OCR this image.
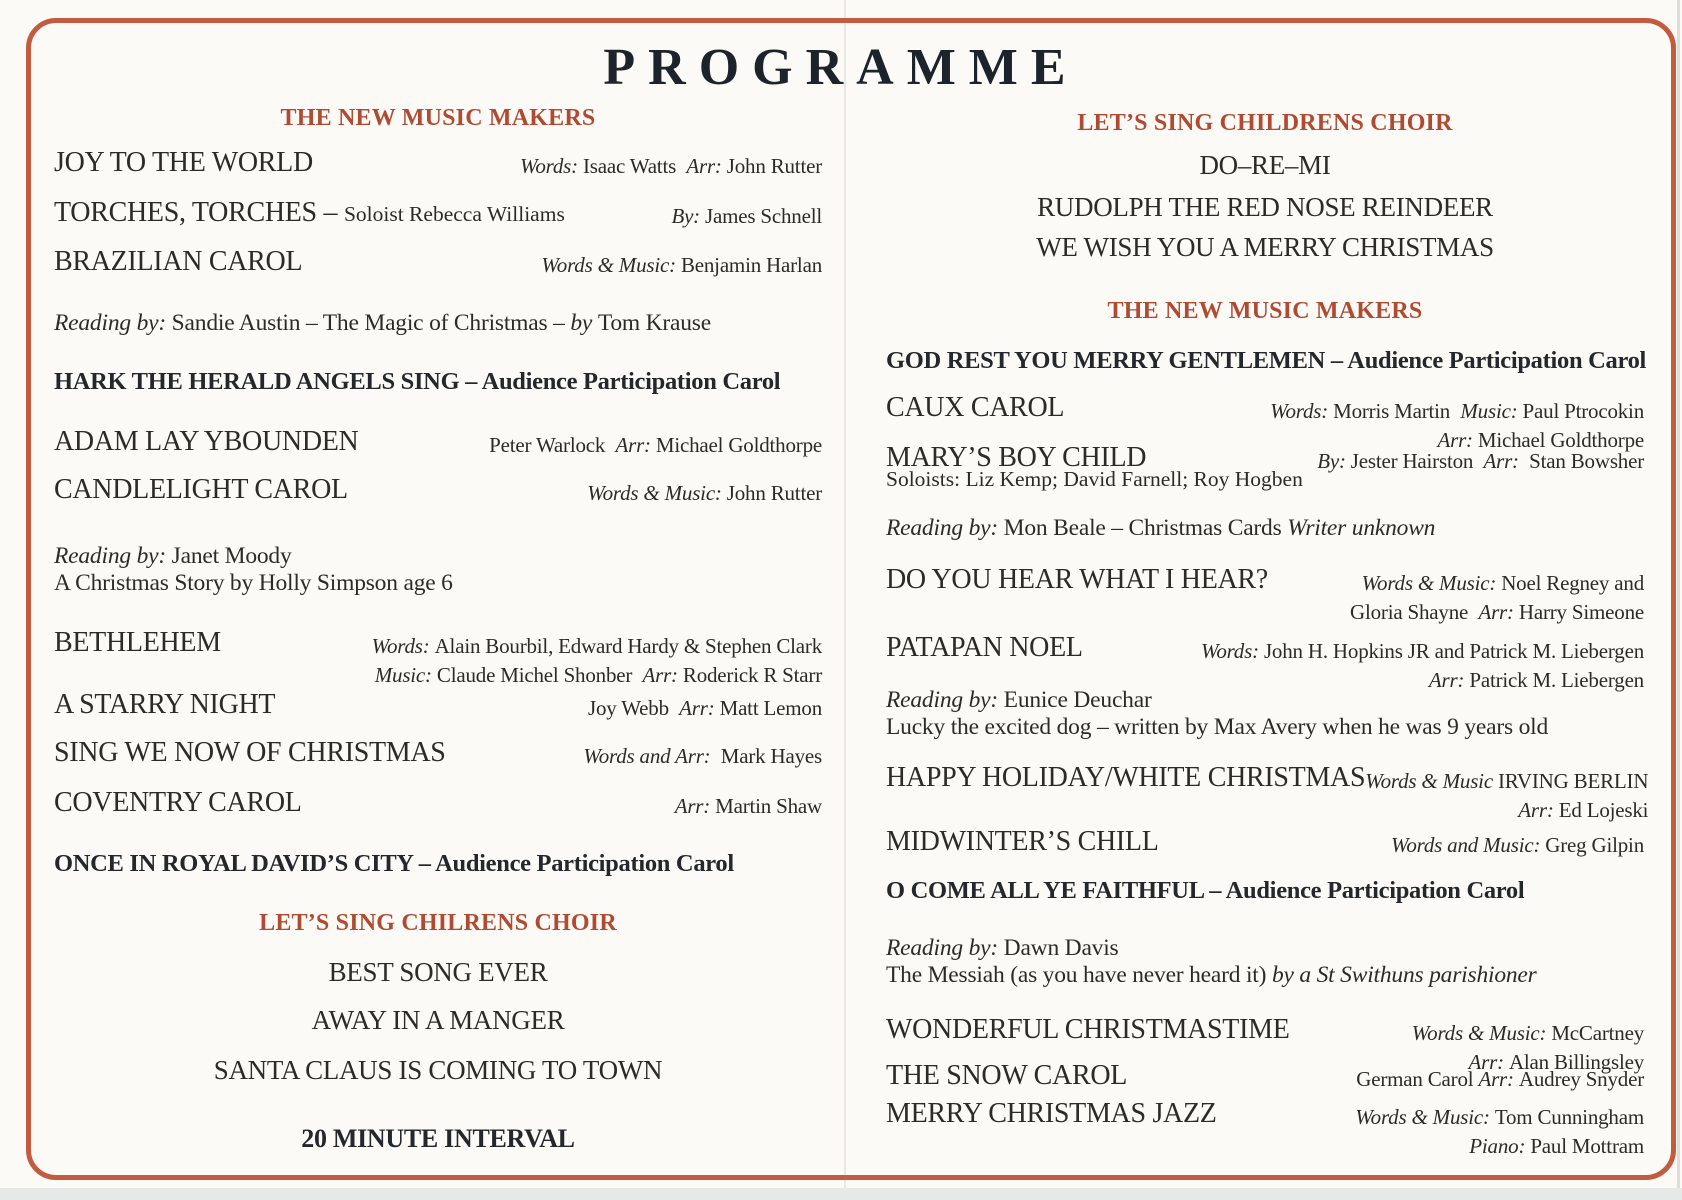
PROGRAMME
THE NEW MUSIC MAKERS
JOY TO THE WORLD	Words: Isaac Watts Arr: John Rutter
TORCHES, TORCHES – Soloist Rebecca Williams	By: James Schnell
BRAZILIAN CAROL	Words & Music: Benjamin Harlan
Reading by: Sandie Austin – The Magic of Christmas – by Tom Krause
HARK THE HERALD ANGELS SING – Audience Participation Carol
ADAM LAY YBOUNDEN	Peter Warlock Arr: Michael Goldthorpe
CANDLELIGHT CAROL	Words & Music: John Rutter
Reading by: Janet Moody
A Christmas Story by Holly Simpson age 6
BETHLEHEM	Words: Alain Bourbil, Edward Hardy & Stephen Clark
Music: Claude Michel Shonber Arr: Roderick R Starr
A STARRY NIGHT	Joy Webb Arr: Matt Lemon
SING WE NOW OF CHRISTMAS	Words and Arr: Mark Hayes
COVENTRY CAROL	Arr: Martin Shaw
ONCE IN ROYAL DAVID’S CITY – Audience Participation Carol
LET’S SING CHILRENS CHOIR
BEST SONG EVER
AWAY IN A MANGER
SANTA CLAUS IS COMING TO TOWN
20 MINUTE INTERVAL
LET’S SING CHILDRENS CHOIR
DO–RE–MI
RUDOLPH THE RED NOSE REINDEER
WE WISH YOU A MERRY CHRISTMAS
THE NEW MUSIC MAKERS
GOD REST YOU MERRY GENTLEMEN – Audience Participation Carol
CAUX CAROL	Words: Morris Martin Music: Paul Ptrocokin
Arr: Michael Goldthorpe
MARY’S BOY CHILD	By: Jester Hairston Arr: Stan Bowsher
Soloists: Liz Kemp; David Farnell; Roy Hogben
Reading by: Mon Beale – Christmas Cards Writer unknown
DO YOU HEAR WHAT I HEAR?	Words & Music: Noel Regney and
Gloria Shayne Arr: Harry Simeone
PATAPAN NOEL	Words: John H. Hopkins JR and Patrick M. Liebergen
Arr: Patrick M. Liebergen
Reading by: Eunice Deuchar
Lucky the excited dog – written by Max Avery when he was 9 years old
HAPPY HOLIDAY/WHITE CHRISTMAS Words & Music IRVING BERLIN
Arr: Ed Lojeski
MIDWINTER’S CHILL	Words and Music: Greg Gilpin
O COME ALL YE FAITHFUL – Audience Participation Carol
Reading by: Dawn Davis
The Messiah (as you have never heard it) by a St Swithuns parishioner
WONDERFUL CHRISTMASTIME	Words & Music: McCartney
Arr: Alan Billingsley
THE SNOW CAROL	German Carol Arr: Audrey Snyder
MERRY CHRISTMAS JAZZ	Words & Music: Tom Cunningham
Piano: Paul Mottram
